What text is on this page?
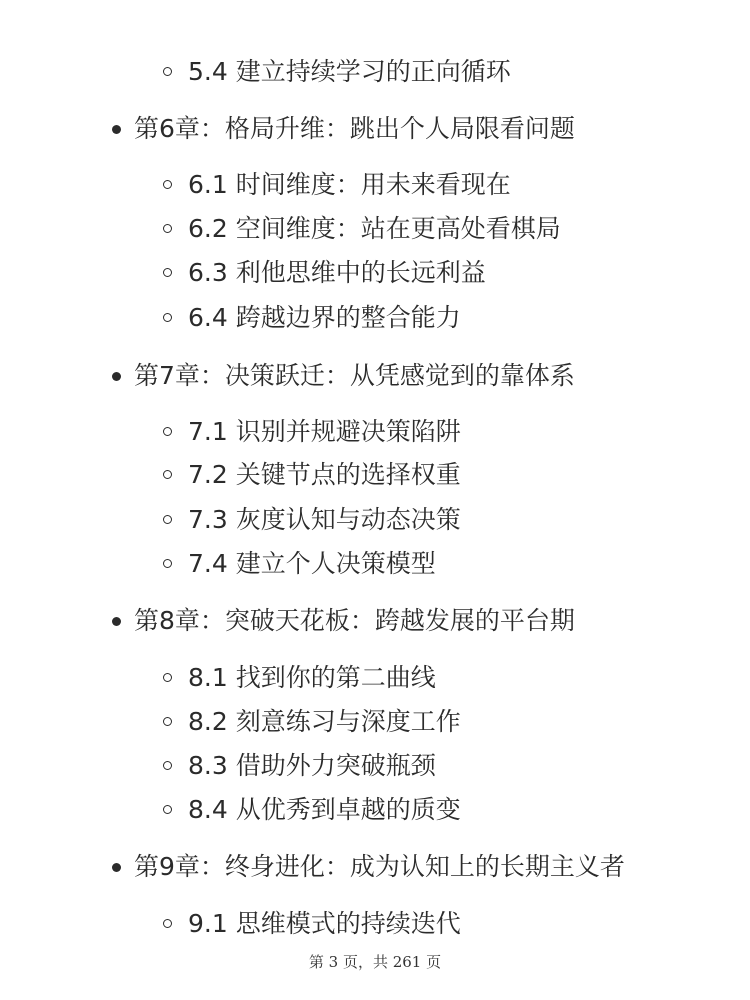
5.4 建立持续学习的正向循环
第6章：格局升维：跳出个人局限看问题
6.1 时间维度：用未来看现在
6.2 空间维度：站在更高处看棋局
6.3 利他思维中的长远利益
6.4 跨越边界的整合能力
第7章：决策跃迁：从凭感觉到的靠体系
7.1 识别并规避决策陷阱
7.2 关键节点的选择权重
7.3 灰度认知与动态决策
7.4 建立个人决策模型
第8章：突破天花板：跨越发展的平台期
8.1 找到你的第二曲线
8.2 刻意练习与深度工作
8.3 借助外力突破瓶颈
8.4 从优秀到卓越的质变
第9章：终身进化：成为认知上的长期主义者
9.1 思维模式的持续迭代
第 3 页，共 261 页
